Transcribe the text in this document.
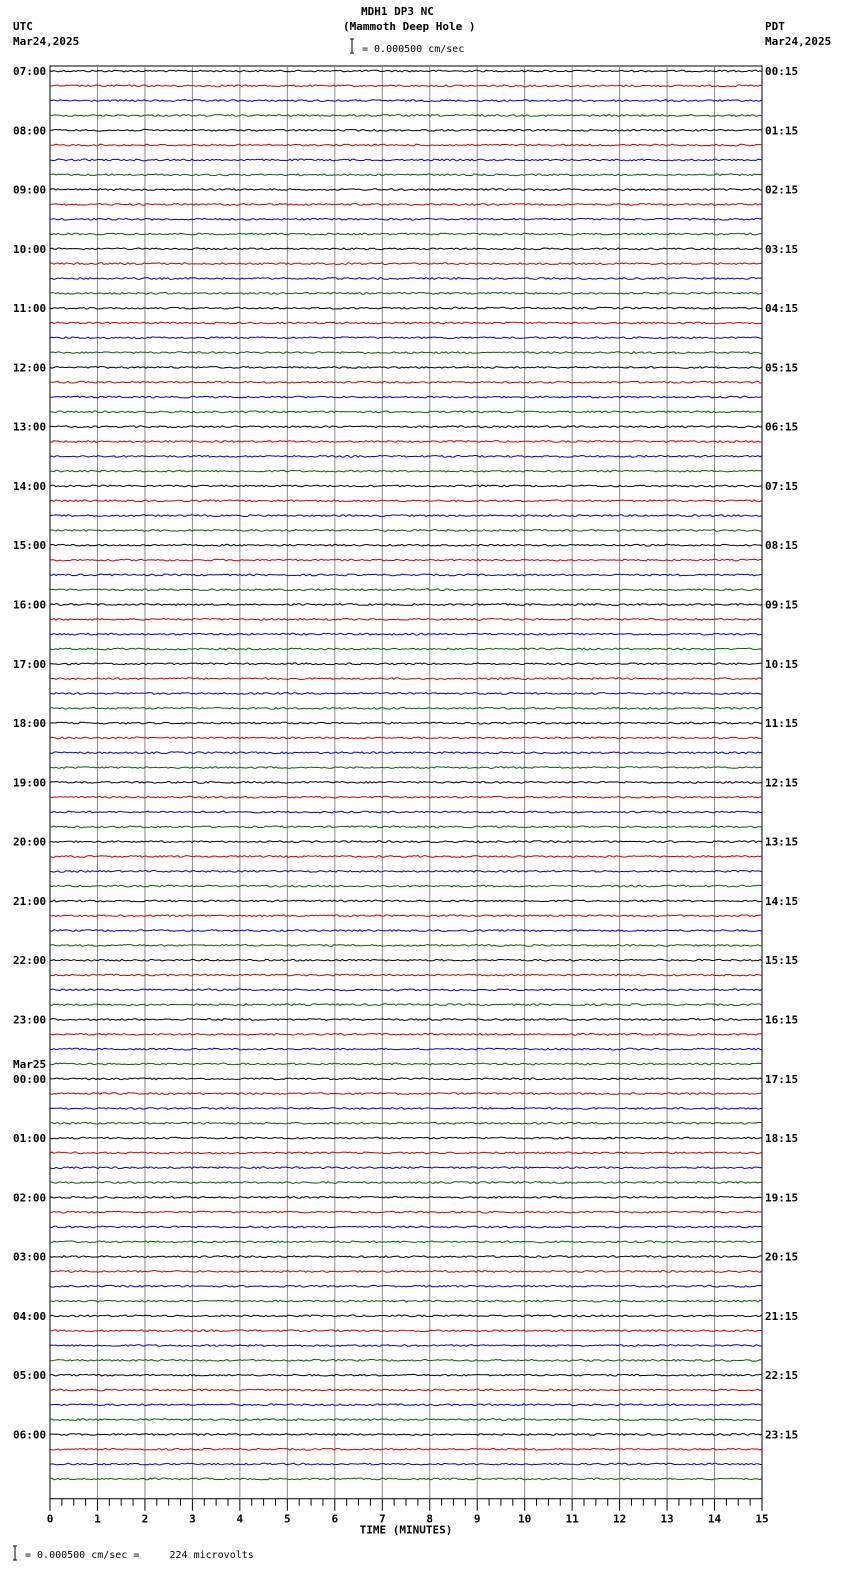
MDH1 DP3 NC
(Mammoth Deep Hole )
= 0.000500 cm/sec
UTC
Mar24,2025
PDT
Mar24,2025
= 0.000500 cm/sec =     224 microvolts
07:00	00:15
08:00	01:15
09:00	02:15
10:00	03:15
11:00	04:15
12:00	05:15
13:00	06:15
14:00	07:15
15:00	08:15
16:00	09:15
17:00	10:15
18:00	11:15
19:00	12:15
20:00	13:15
21:00	14:15
22:00	15:15
23:00	16:15
00:00	17:15
01:00	18:15
02:00	19:15
03:00	20:15
04:00	21:15
05:00	22:15
06:00	23:15
Mar25
0	1	2	3	4	5	6	7	8	9	10	11	12	13	14	15
TIME (MINUTES)
